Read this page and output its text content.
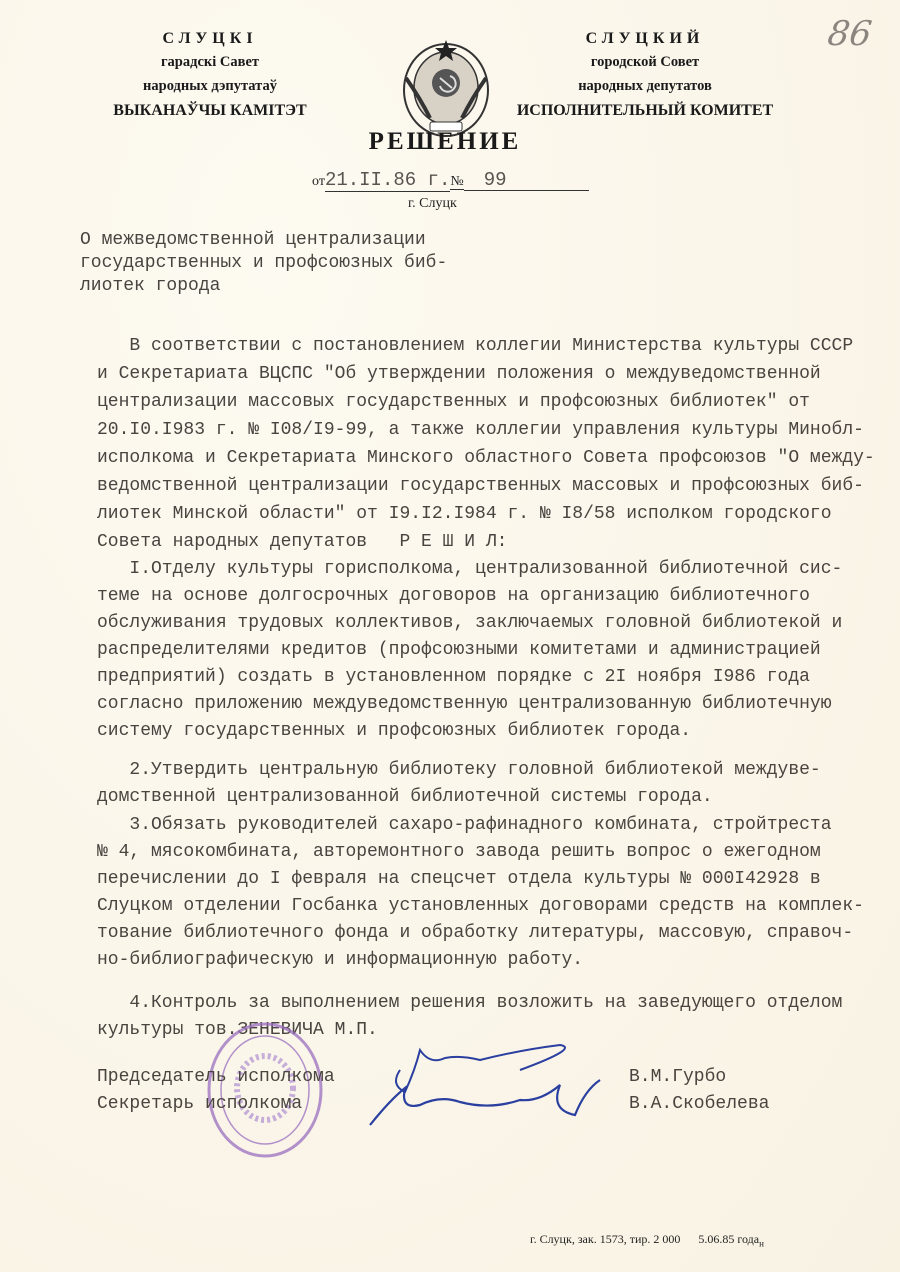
86
СЛУЦКІ
гарадскі Савет
народных дэпутатаў
ВЫКАНАЎЧЫ КАМІТЭТ
СЛУЦКИЙ
городской Совет
народных депутатов
ИСПОЛНИТЕЛЬНЫЙ КОМИТЕТ
РЕШЕНИЕ
от21.II.86 г.№ 99
г. Слуцк
О межведомственной централизации
государственных и профсоюзных биб-
лиотек города
В соответствии с постановлением коллегии Министерства культуры СССР
и Секретариата ВЦСПС "Об утверждении положения о междуведомственной
централизации массовых государственных и профсоюзных библиотек" от
20.I0.I983 г. № I08/I9-99, а также коллегии управления культуры Минобл-
исполкома и Секретариата Минского областного Совета профсоюзов "О между-
ведомственной централизации государственных массовых и профсоюзных биб-
лиотек Минской области" от I9.I2.I984 г. № I8/58 исполком городского
Совета народных депутатов   Р Е Ш И Л:
I.Отделу культуры горисполкома, централизованной библиотечной сис-
теме на основе долгосрочных договоров на организацию библиотечного
обслуживания трудовых коллективов, заключаемых головной библиотекой и
распределителями кредитов (профсоюзными комитетами и администрацией
предприятий) создать в установленном порядке с 2I ноября I986 года
согласно приложению междуведомственную централизованную библиотечную
систему государственных и профсоюзных библиотек города.
2.Утвердить центральную библиотеку головной библиотекой междуве-
домственной централизованной библиотечной системы города.
3.Обязать руководителей сахаро-рафинадного комбината, стройтреста
№ 4, мясокомбината, авторемонтного завода решить вопрос о ежегодном
перечислении до I февраля на спецсчет отдела культуры № 000I42928 в
Слуцком отделении Госбанка установленных договорами средств на комплек-
тование библиотечного фонда и обработку литературы, массовую, справоч-
но-библиографическую и информационную работу.
4.Контроль за выполнением решения возложить на заведующего отделом
культуры тов.ЗЕНЕВИЧА М.П.
Председатель исполкома	В.М.Гурбо
Секретарь исполкома	В.А.Скобелева
г. Слуцк, зак. 1573, тир. 2 000 5.06.85 года$_н$
